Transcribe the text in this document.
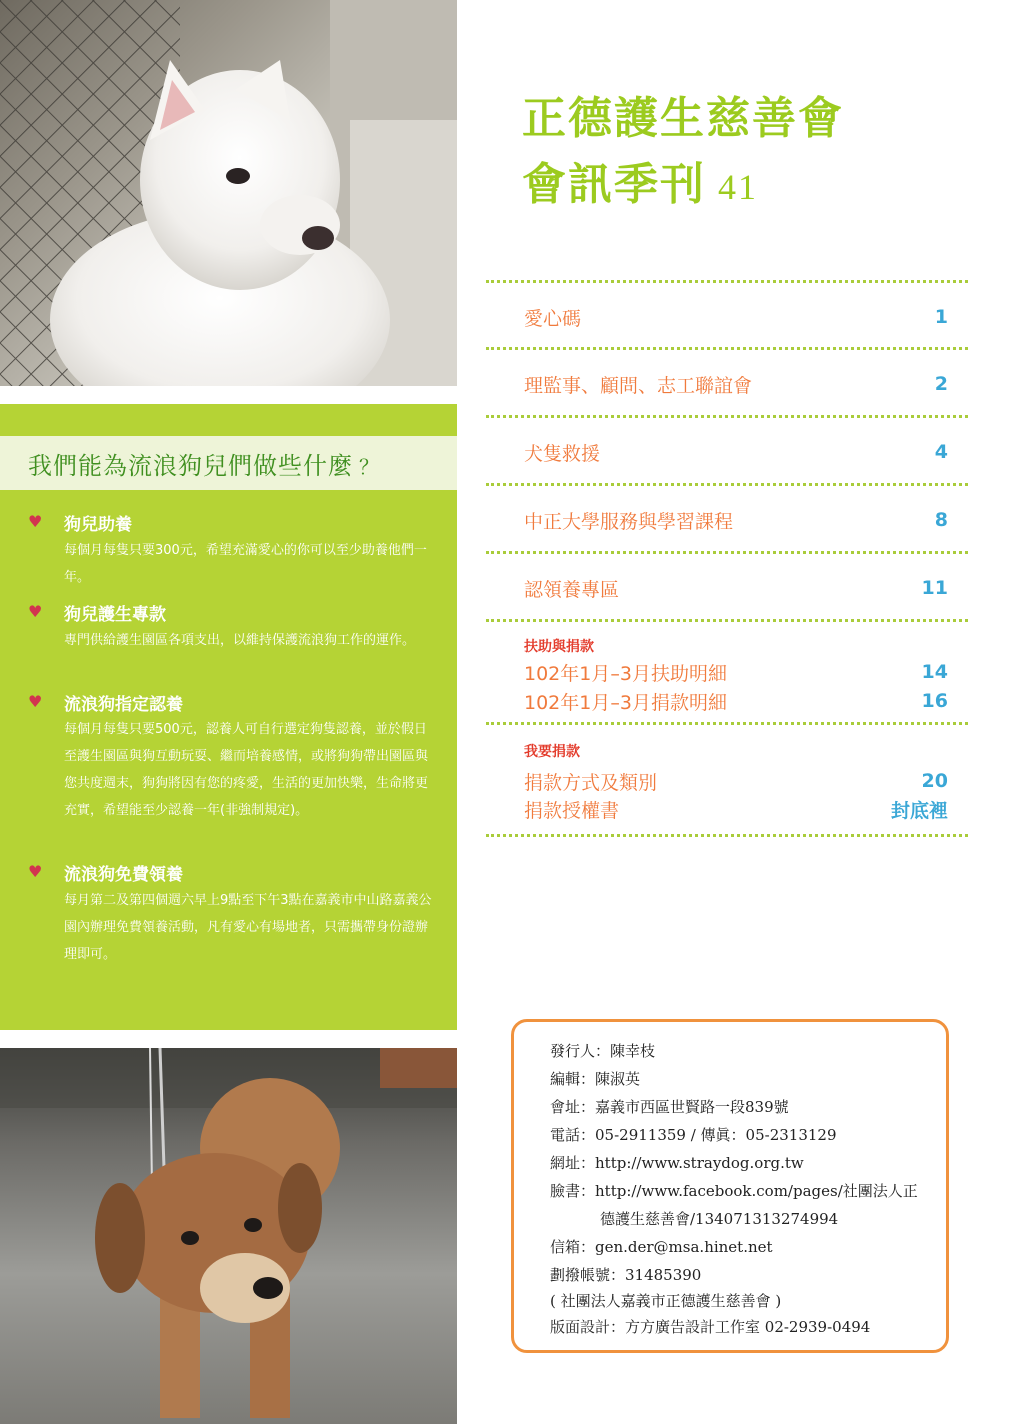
我們能為流浪狗兒們做些什麼 ？
♥ 狗兒助養
每個月每隻只要300元，希望充滿愛心的你可以至少助養他們一年。
♥ 狗兒護生專款
專門供給護生園區各項支出，以維持保護流浪狗工作的運作。
♥ 流浪狗指定認養
每個月每隻只要500元，認養人可自行選定狗隻認養，並於假日至護生園區與狗互動玩耍、繼而培養感情，或將狗狗帶出園區與您共度週末，狗狗將因有您的疼愛，生活的更加快樂，生命將更充實，希望能至少認養一年(非強制規定)。
♥ 流浪狗免費領養
每月第二及第四個週六早上9點至下午3點在嘉義市中山路嘉義公園內辦理免費領養活動，凡有愛心有場地者，只需攜帶身份證辦理即可。
正德護生慈善會
會訊季刊 41
愛心碼	1
理監事、顧問、志工聯誼會	2
犬隻救援	4
中正大學服務與學習課程	8
認領養專區	11
扶助與捐款
102年1月–3月扶助明細	14
102年1月–3月捐款明細	16
我要捐款
捐款方式及類別	20
捐款授權書	封底裡
發行人：陳幸枝
編輯：陳淑英
會址：嘉義市西區世賢路一段839號
電話：05-2911359 / 傳眞：05-2313129
網址：http://www.straydog.org.tw
臉書：http://www.facebook.com/pages/社團法人正
德護生慈善會/134071313274994
信箱：gen.der@msa.hinet.net
劃撥帳號：31485390
( 社團法人嘉義市正德護生慈善會 )
版面設計：方方廣告設計工作室 02-2939-0494
